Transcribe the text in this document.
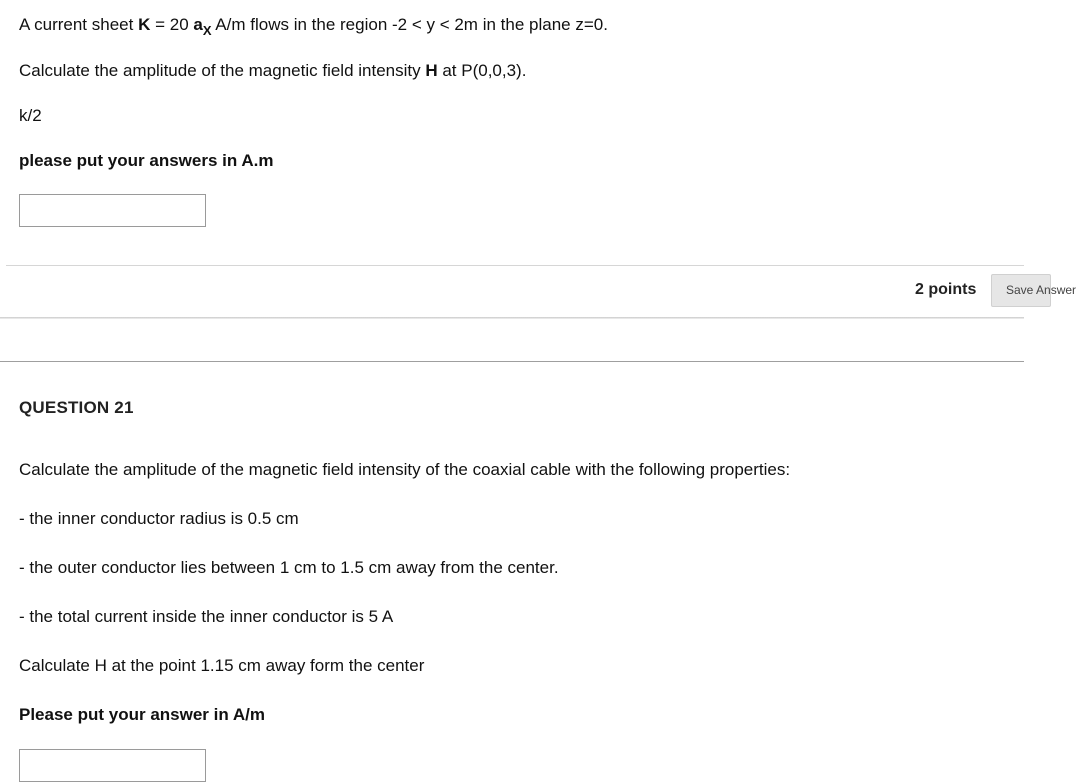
A current sheet K = 20 $a_X$ A/m flows in the region -2 < y < 2m in the plane z=0.
Calculate the amplitude of the magnetic field intensity H at P(0,0,3).
k/2
please put your answers in A.m
2 points	Save Answer
QUESTION 21
Calculate the amplitude of the magnetic field intensity of the coaxial cable with the following properties:
- the inner conductor radius is 0.5 cm
- the outer conductor lies between 1 cm to 1.5 cm away from the center.
- the total current inside the inner conductor is 5 A
Calculate H at the point 1.15 cm away form the center
Please put your answer in A/m
